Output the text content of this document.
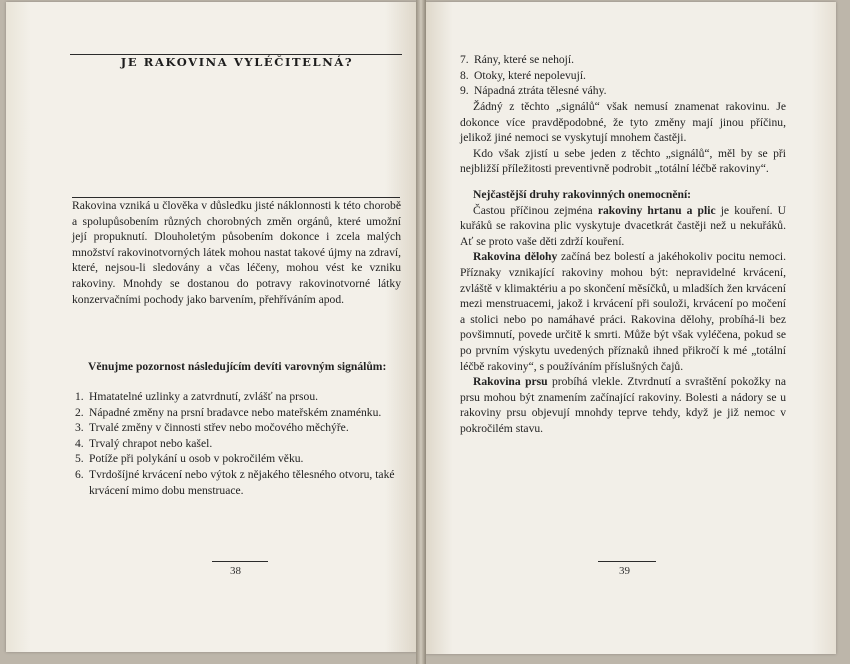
JE RAKOVINA VYLÉČITELNÁ?
Rakovina vzniká u člověka v důsledku jisté náklonnosti k této chorobě a spolupůsobením různých chorobných změn orgánů, které umožní její propuknutí. Dlouholetým působením dokonce i zcela malých množství rakovinotvorných látek mohou nastat takové újmy na zdraví, které, nejsou-li sledovány a včas léčeny, mohou vést ke vzniku rakoviny. Mnohdy se dostanou do potravy rakovinotvorné látky konzervačními pochody jako barvením, přehříváním apod.
Věnujme pozornost následujícím devíti varovným signálům:
1. Hmatatelné uzlinky a zatvrdnutí, zvlášť na prsou.
2. Nápadné změny na prsní bradavce nebo mateřském znaménku.
3. Trvalé změny v činnosti střev nebo močového měchýře.
4. Trvalý chrapot nebo kašel.
5. Potíže při polykání u osob v pokročilém věku.
6. Tvrdošíjné krvácení nebo výtok z nějakého tělesného otvoru, také krvácení mimo dobu menstruace.
38
7. Rány, které se nehojí.
8. Otoky, které nepolevují.
9. Nápadná ztráta tělesné váhy.

Žádný z těchto „signálů“ však nemusí znamenat rakovinu. Je dokonce více pravděpodobné, že tyto změny mají jinou příčinu, jelikož jiné nemoci se vyskytují mnohem častěji.

Kdo však zjistí u sebe jeden z těchto „signálů“, měl by se při nejbližší příležitosti preventivně podrobit „totální léčbě rakoviny“.

Nejčastější druhy rakovinných onemocnění:

Častou příčinou zejména rakoviny hrtanu a plic je kouření. U kuřáků se rakovina plic vyskytuje dvacetkrát častěji než u nekuřáků. Ať se proto vaše děti zdrží kouření.

Rakovina dělohy začíná bez bolestí a jakéhokoliv pocitu nemoci. Příznaky vznikající rakoviny mohou být: nepravidelné krvácení, zvláště v klimaktériu a po skončení měsíčků, u mladších žen krvácení mezi menstruacemi, jakož i krvácení při souloži, krvácení po močení a stolici nebo po namáhavé práci. Rakovina dělohy, probíhá-li bez povšimnutí, povede určitě k smrti. Může být však vyléčena, pokud se po prvním výskytu uvedených příznaků ihned přikročí k mé „totální léčbě rakoviny“, s používáním příslušných čajů.

Rakovina prsu probíhá vlekle. Ztvrdnutí a svraštění pokožky na prsu mohou být znamením začínající rakoviny. Bolesti a nádory se u rakoviny prsu objevují mnohdy teprve tehdy, když je již nemoc v pokročilém stavu.

39
